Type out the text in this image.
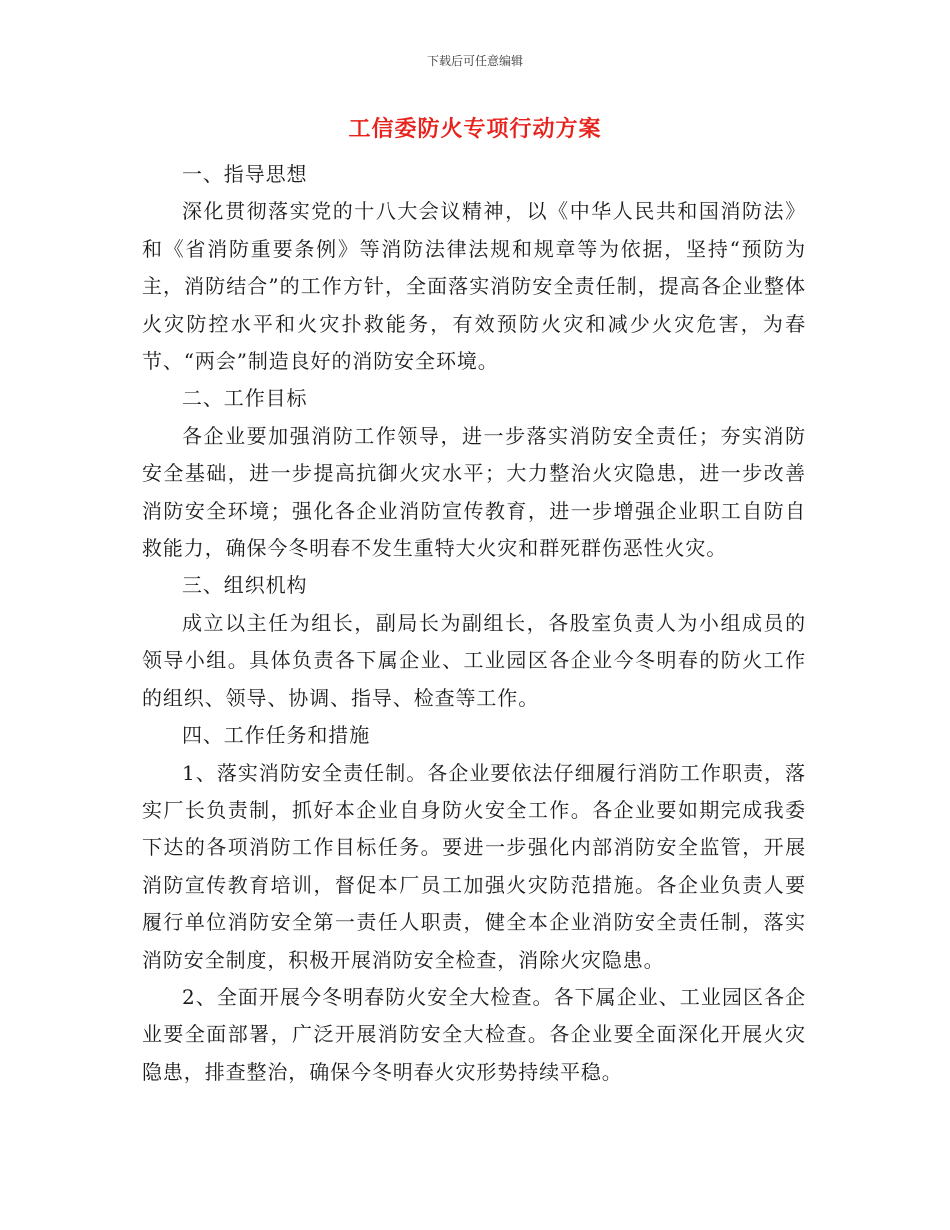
下载后可任意编辑
工信委防火专项行动方案

一、指导思想

深化贯彻落实党的十八大会议精神，以《中华人民共和国消防法》和《省消防重要条例》等消防法律法规和规章等为依据，坚持“预防为主，消防结合”的工作方针，全面落实消防安全责任制，提高各企业整体火灾防控水平和火灾扑救能务，有效预防火灾和减少火灾危害，为春节、“两会”制造良好的消防安全环境。

二、工作目标

各企业要加强消防工作领导，进一步落实消防安全责任；夯实消防安全基础，进一步提高抗御火灾水平；大力整治火灾隐患，进一步改善消防安全环境；强化各企业消防宣传教育，进一步增强企业职工自防自救能力，确保今冬明春不发生重特大火灾和群死群伤恶性火灾。

三、组织机构

成立以主任为组长，副局长为副组长，各股室负责人为小组成员的领导小组。具体负责各下属企业、工业园区各企业今冬明春的防火工作的组织、领导、协调、指导、检查等工作。

四、工作任务和措施

1、落实消防安全责任制。各企业要依法仔细履行消防工作职责，落实厂长负责制，抓好本企业自身防火安全工作。各企业要如期完成我委下达的各项消防工作目标任务。要进一步强化内部消防安全监管，开展消防宣传教育培训，督促本厂员工加强火灾防范措施。各企业负责人要履行单位消防安全第一责任人职责，健全本企业消防安全责任制，落实消防安全制度，积极开展消防安全检查，消除火灾隐患。

2、全面开展今冬明春防火安全大检查。各下属企业、工业园区各企业要全面部署，广泛开展消防安全大检查。各企业要全面深化开展火灾隐患，排查整治，确保今冬明春火灾形势持续平稳。
